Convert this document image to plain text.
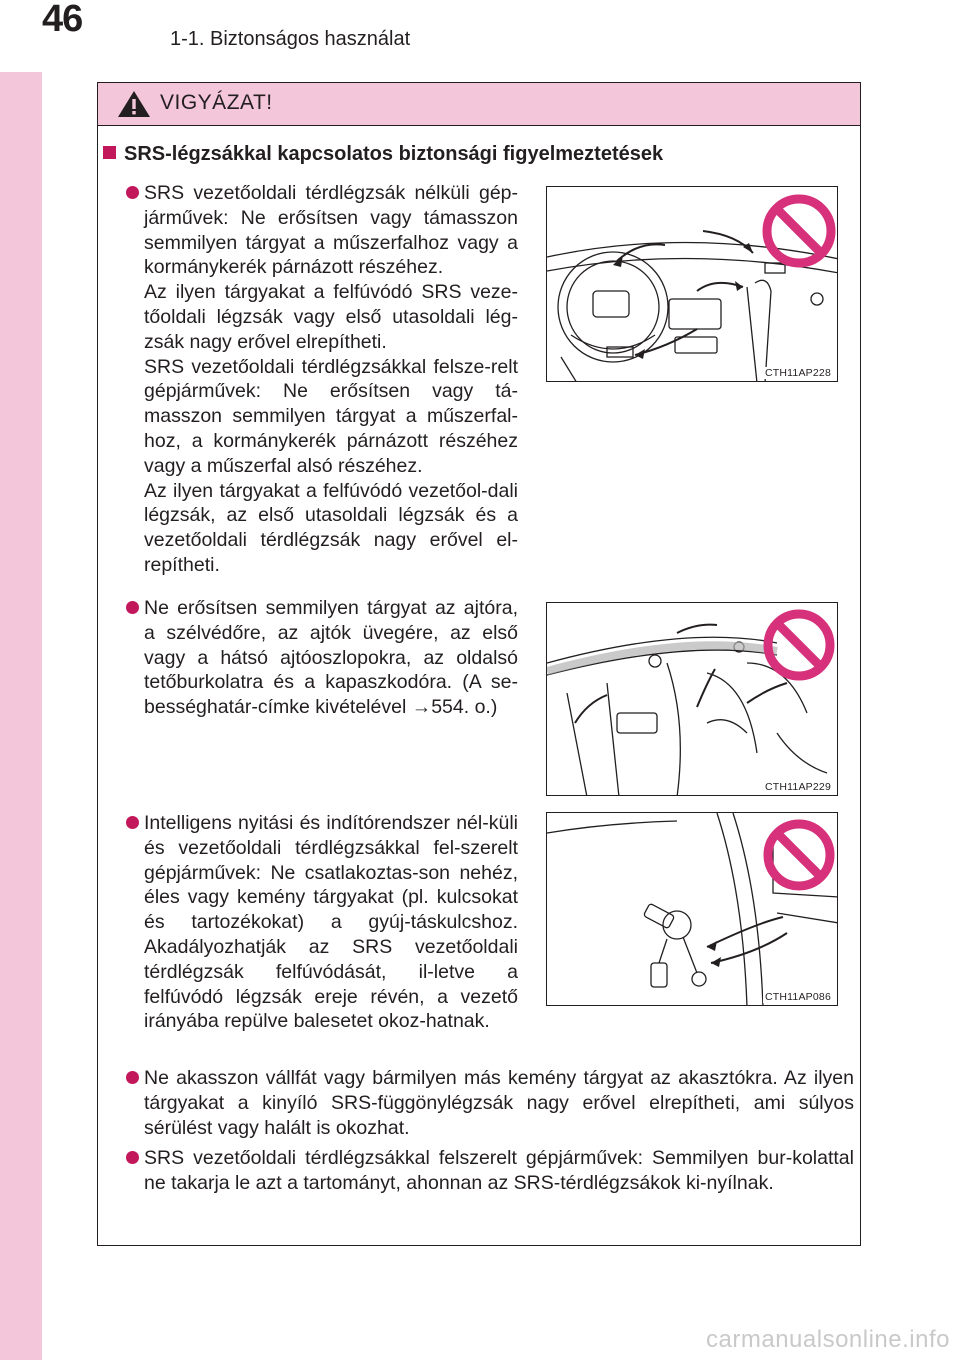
46	1-1. Biztonságos használat
VIGYÁZAT!
SRS-légzsákkal kapcsolatos biztonsági figyelmeztetések

SRS vezetőoldali térdlégzsák nélküli gép-járművek: Ne erősítsen vagy támasszon semmilyen tárgyat a műszerfalhoz vagy a kormánykerék párnázott részéhez.

Az ilyen tárgyakat a felfúvódó SRS veze-tőoldali légzsák vagy első utasoldali lég-zsák nagy erővel elrepítheti.

SRS vezetőoldali térdlégzsákkal felsze-relt gépjárművek: Ne erősítsen vagy tá-masszon semmilyen tárgyat a műszerfal-hoz, a kormánykerék párnázott részéhez vagy a műszerfal alsó részéhez.

Az ilyen tárgyakat a felfúvódó vezetőol-dali légzsák, az első utasoldali légzsák és a vezetőoldali térdlégzsák nagy erővel el-repítheti.

Ne erősítsen semmilyen tárgyat az ajtóra, a szélvédőre, az ajtók üvegére, az első vagy a hátsó ajtóoszlopokra, az oldalsó tetőburkolatra és a kapaszkodóra. (A se-bességhatár-címke kivételével →554. o.)

Intelligens nyitási és indítórendszer nél-küli és vezetőoldali térdlégzsákkal fel-szerelt gépjárművek: Ne csatlakoztas-son nehéz, éles vagy kemény tárgyakat (pl. kulcsokat és tartozékokat) a gyúj-táskulcshoz. Akadályozhatják az SRS vezetőoldali térdlégzsák felfúvódását, il-letve a felfúvódó légzsák ereje révén, a vezető irányába repülve balesetet okoz-hatnak.

Ne akasszon vállfát vagy bármilyen más kemény tárgyat az akasztókra. Az ilyen tárgyakat a kinyíló SRS-függönylégzsák nagy erővel elrepítheti, ami súlyos sérülést vagy halált is okozhat.

SRS vezetőoldali térdlégzsákkal felszerelt gépjárművek: Semmilyen bur-kolattal ne takarja le azt a tartományt, ahonnan az SRS-térdlégzsákok ki-nyílnak.

CTH11AP228
CTH11AP229
CTH11AP086
carmanualsonline.info
